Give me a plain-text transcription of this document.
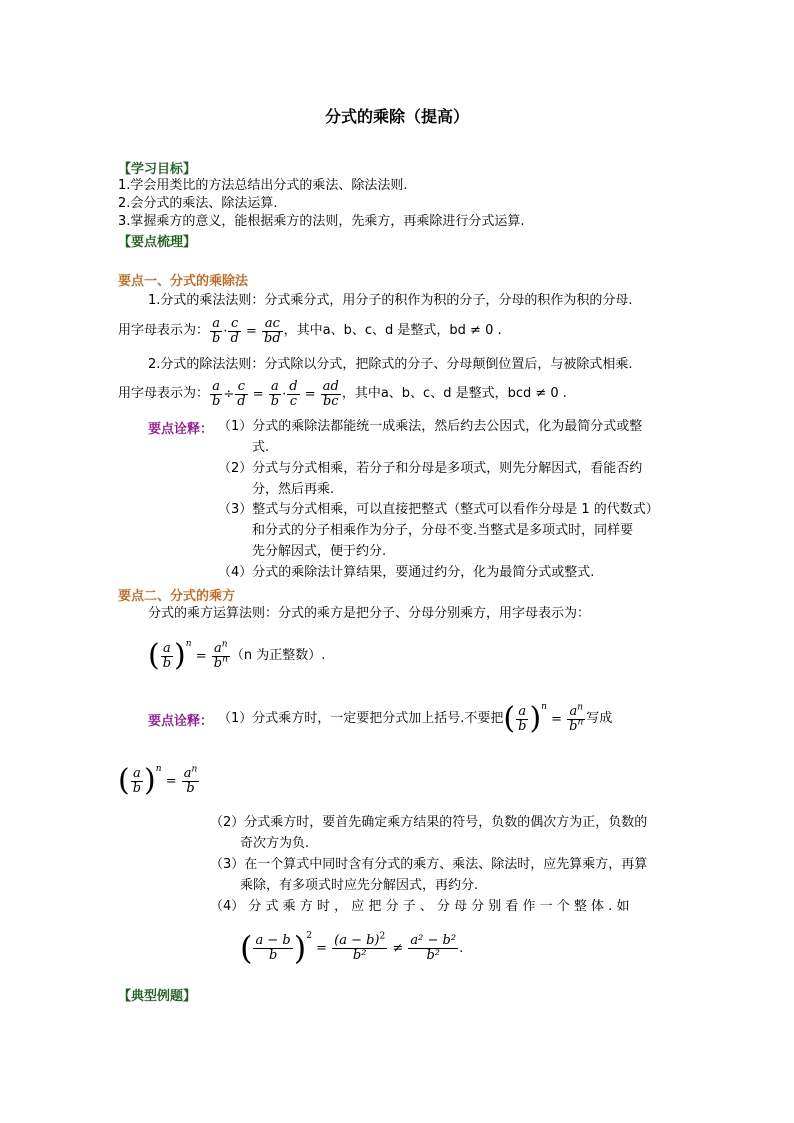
分式的乘除（提高）
【学习目标】
1.学会用类比的方法总结出分式的乘法、除法法则.
2.会分式的乘法、除法运算.
3.掌握乘方的意义，能根据乘方的法则，先乘方，再乘除进行分式运算.
【要点梳理】
要点一、分式的乘除法
1.分式的乘法法则：分式乘分式，用分子的积作为积的分子，分母的积作为积的分母.
用字母表示为： $\frac{a}{b} \cdot \frac{c}{d} = \frac{ac}{bd}$ ，其中a、b、c、d 是整式，bd ≠ 0 .
2.分式的除法法则：分式除以分式，把除式的分子、分母颠倒位置后，与被除式相乘.
用字母表示为： $\frac{a}{b} \div \frac{c}{d} = \frac{a}{b} \cdot \frac{d}{c} = \frac{ad}{bc}$ ，其中a、b、c、d 是整式，bcd ≠ 0 .
要点诠释： （1）分式的乘除法都能统一成乘法，然后约去公因式，化为最简分式或整
式.
（2）分式与分式相乘，若分子和分母是多项式，则先分解因式，看能否约
分，然后再乘.
（3）整式与分式相乘，可以直接把整式（整式可以看作分母是 1 的代数式）
和分式的分子相乘作为分子，分母不变.当整式是多项式时，同样要
先分解因式，便于约分.
（4）分式的乘除法计算结果，要通过约分，化为最简分式或整式.
要点二、分式的乘方
分式的乘方运算法则：分式的乘方是把分子、分母分别乘方，用字母表示为：
( $\frac{a}{b} )^n = \frac{a^n}{b^n} (n$ 为正整数）.
要点诠释： （1）分式乘方时，一定要把分式加上括号.不要把 ( $\frac{a}{b} )^n = \frac{a^n}{b^n}$ 写成
( $\frac{a}{b} )^n = \frac{a^n}{b}$
（2）分式乘方时，要首先确定乘方结果的符号，负数的偶次方为正，负数的
奇次方为负.
（3）在一个算式中同时含有分式的乘方、乘法、除法时，应先算乘方，再算
乘除，有多项式时应先分解因式，再约分.
（4） 分 式 乘 方 时 ， 应 把 分 子 、 分 母 分 别 看 作 一 个 整 体 . 如
( $\frac{a - b}{b} )^2 = \frac{(a - b)^2}{\text{b²}} \ne \frac{\text{a² − b²}}{\text{b²}}$ .
【典型例题】
